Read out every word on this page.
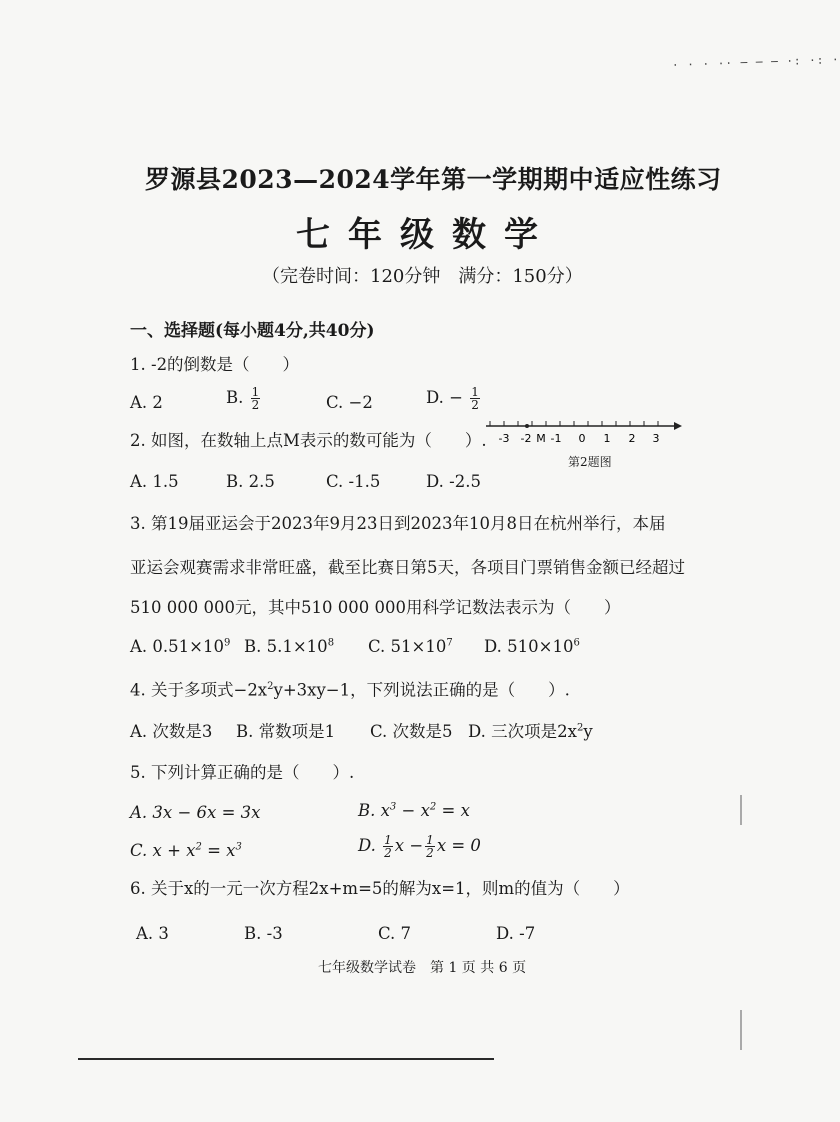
· · · ·· ─ ─ ─ ·: ·: ·
罗源县2023—2024学年第一学期期中适应性练习
七年级数学
（完卷时间：120分钟　满分：150分）
一、选择题(每小题4分,共40分)
1. -2的倒数是（　　）
A. 2	B. $\frac{1}{2}$	C. −2	D. − $\frac{1}{2}$
2. 如图，在数轴上点M表示的数可能为（　　）.
A. 1.5	B. 2.5	C. -1.5	D. -2.5
-3 -2 M -1 0 1 2 3
第2题图
3. 第19届亚运会于2023年9月23日到2023年10月8日在杭州举行，本届
亚运会观赛需求非常旺盛，截至比赛日第5天，各项目门票销售金额已经超过
510 000 000元，其中510 000 000用科学记数法表示为（　　）
A. $0.51\times 10^9$ B. $5.1\times 10^8$ C. $51\times 10^7$ D. $510\times 10^6$
4. 关于多项式$-2x^2y+3xy-1$，下列说法正确的是（　　）.
A. 次数是3 B. 常数项是1 C. 次数是5 D. 三次项是$2x^2y$
5. 下列计算正确的是（　　）.
A. 3x − 6x = 3x	B. $x^3 - x^2 = x$
C. $x + x^2 = x^3$	D. $\frac{1}{2}$ $x - \frac{1}{2}$ x = 0
6. 关于x的一元一次方程2x+m=5的解为x=1，则m的值为（　　）
A. 3	B. -3	C. 7	D. -7
七年级数学试卷　第 1 页 共 6 页
